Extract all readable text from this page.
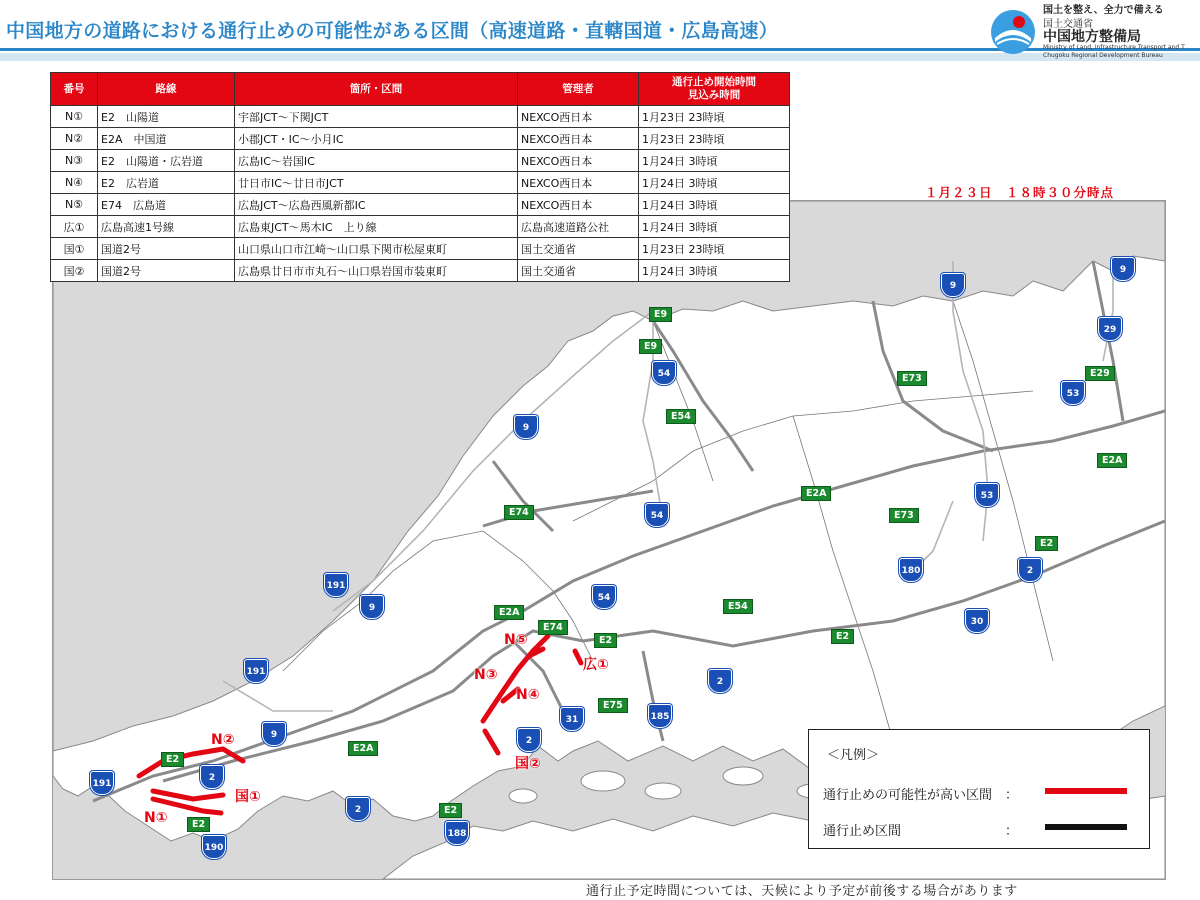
中国地方の道路における通行止めの可能性がある区間（高速道路・直轄国道・広島高速）
国土を整え、全力で備える
国土交通省
中国地方整備局
Ministry of Land, Infrastructure,Transport and T
Chugoku Regional Development Bureau
E9
E9
E54
E73	E29
E2A
E2A
E74	E73
E2
E2A
E74
E54
E2	E2
E2
E75
E2A
E2
E2
9
9
29
54
53
9
53
54
191
9
180	2
54
30
191
2
31	185
9
2
191
2
2
188
190
N⑤
広①
N③
N④
国②
N②
国①
N①
番号	路線	箇所・区間	管理者	通行止め開始時間
見込み時間
N①	E2　山陽道	宇部JCT～下関JCT	NEXCO西日本	1月23日 23時頃
N②	E2A　中国道	小郡JCT・IC～小月IC	NEXCO西日本	1月23日 23時頃
N③	E2　山陽道・広岩道	広島IC～岩国IC	NEXCO西日本	1月24日 3時頃
N④	E2　広岩道	廿日市IC～廿日市JCT	NEXCO西日本	1月24日 3時頃
N⑤	E74　広島道	広島JCT～広島西風新都IC	NEXCO西日本	1月24日 3時頃
広①	広島高速1号線	広島東JCT～馬木IC　上り線	広島高速道路公社	1月24日 3時頃
国①	国道2号	山口県山口市江崎～山口県下関市松屋東町	国土交通省	1月23日 23時頃
国②	国道2号	広島県廿日市市丸石～山口県岩国市装東町	国土交通省	1月24日 3時頃
１月２３日　１８時３０分時点
＜凡例＞
通行止めの可能性が高い区間　：
通行止め区間　　　　　　　　：
通行止予定時間については、天候により予定が前後する場合があります
